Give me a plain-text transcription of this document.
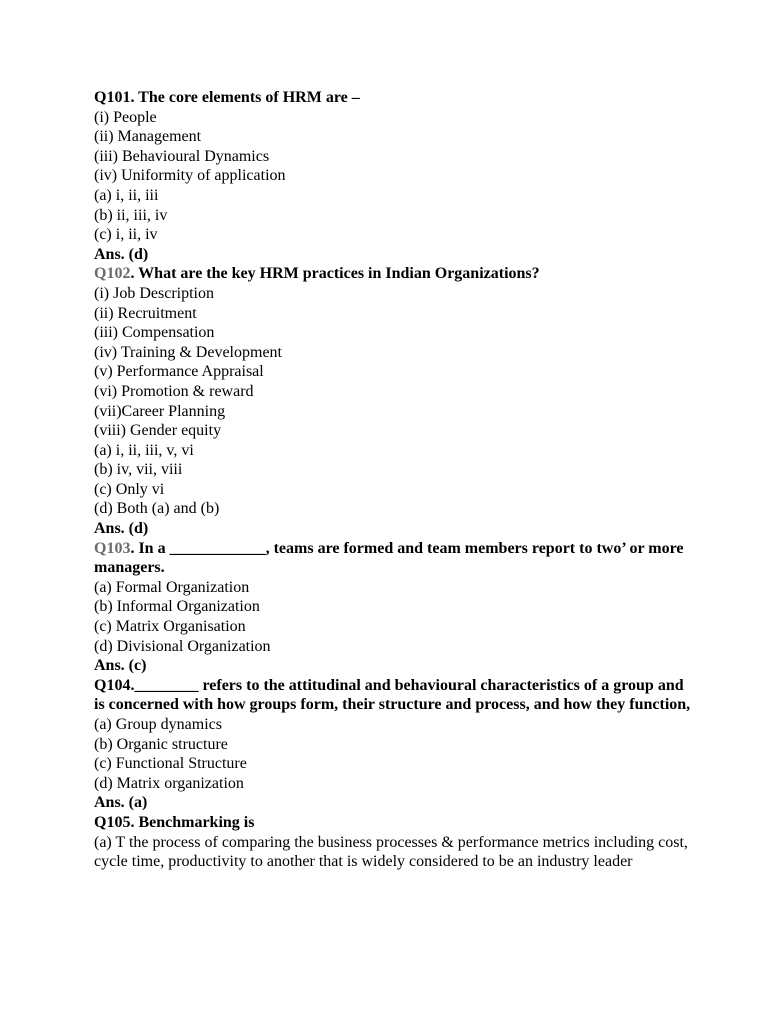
Q101. The core elements of HRM are –
(i) People
(ii) Management
(iii) Behavioural Dynamics
(iv) Uniformity of application
(a) i, ii, iii
(b) ii, iii, iv
(c) i, ii, iv
Ans. (d)
Q102. What are the key HRM practices in Indian Organizations?
(i) Job Description
(ii) Recruitment
(iii) Compensation
(iv) Training & Development
(v) Performance Appraisal
(vi) Promotion & reward
(vii)Career Planning
(viii) Gender equity
(a) i, ii, iii, v, vi
(b) iv, vii, viii
(c) Only vi
(d) Both (a) and (b)
Ans. (d)
Q103. In a ____________, teams are formed and team members report to two’ or more managers.
(a) Formal Organization
(b) Informal Organization
(c) Matrix Organisation
(d) Divisional Organization
Ans. (c)
Q104.________ refers to the attitudinal and behavioural characteristics of a group and is concerned with how groups form, their structure and process, and how they function,
(a) Group dynamics
(b) Organic structure
(c) Functional Structure
(d) Matrix organization
Ans. (a)
Q105. Benchmarking is
(a) T the process of comparing the business processes & performance metrics including cost, cycle time, productivity to another that is widely considered to be an industry leader
